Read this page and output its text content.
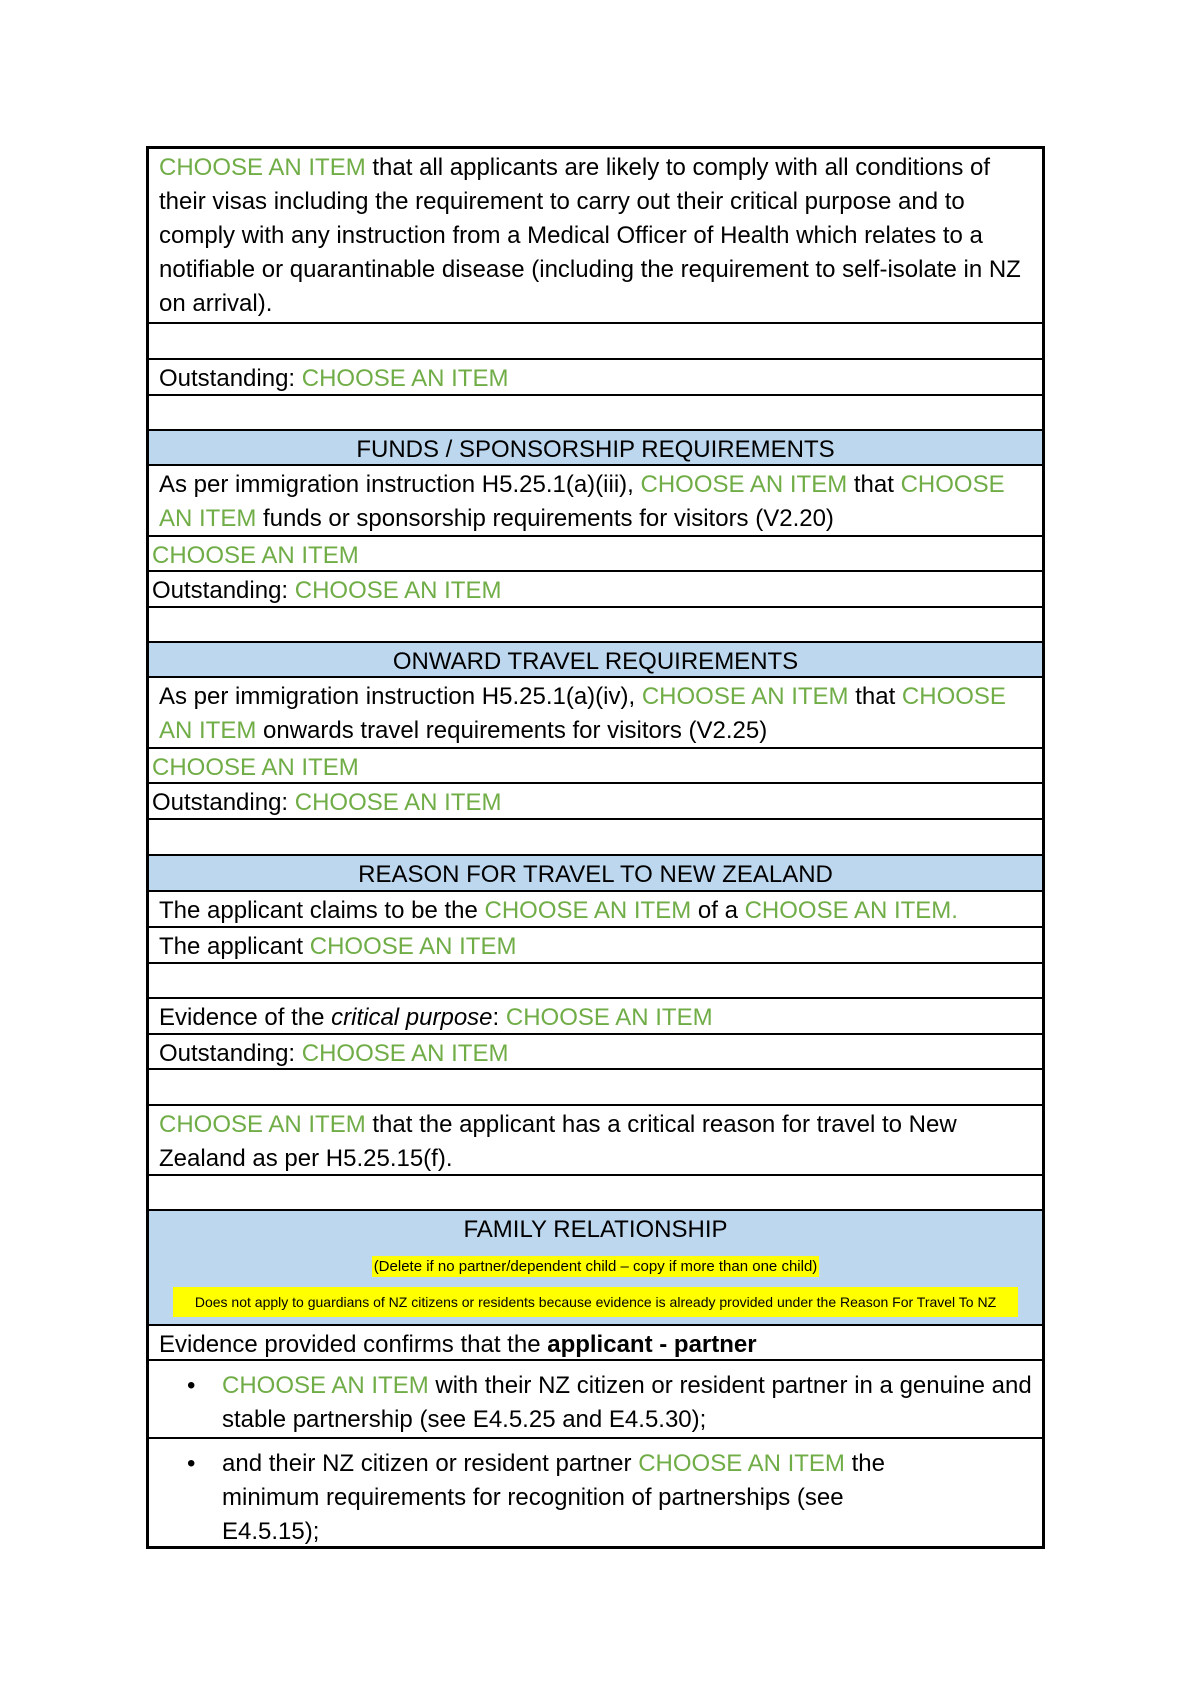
CHOOSE AN ITEM that all applicants are likely to comply with all conditions of their visas including the requirement to carry out their critical purpose and to comply with any instruction from a Medical Officer of Health which relates to a notifiable or quarantinable disease (including the requirement to self-isolate in NZ on arrival).
Outstanding: CHOOSE AN ITEM
FUNDS / SPONSORSHIP REQUIREMENTS
As per immigration instruction H5.25.1(a)(iii), CHOOSE AN ITEM that CHOOSE AN ITEM funds or sponsorship requirements for visitors (V2.20)
CHOOSE AN ITEM
Outstanding: CHOOSE AN ITEM
ONWARD TRAVEL REQUIREMENTS
As per immigration instruction H5.25.1(a)(iv), CHOOSE AN ITEM that CHOOSE AN ITEM onwards travel requirements for visitors (V2.25)
CHOOSE AN ITEM
Outstanding: CHOOSE AN ITEM
REASON FOR TRAVEL TO NEW ZEALAND
The applicant claims to be the CHOOSE AN ITEM of a CHOOSE AN ITEM.
The applicant CHOOSE AN ITEM
Evidence of the critical purpose: CHOOSE AN ITEM
Outstanding: CHOOSE AN ITEM
CHOOSE AN ITEM that the applicant has a critical reason for travel to New Zealand as per H5.25.15(f).
FAMILY RELATIONSHIP
(Delete if no partner/dependent child – copy if more than one child)
Does not apply to guardians of NZ citizens or residents because evidence is already provided under the Reason For Travel To NZ
Evidence provided confirms that the applicant - partner
•	CHOOSE AN ITEM with their NZ citizen or resident partner in a genuine and stable partnership (see E4.5.25 and E4.5.30);
•	and their NZ citizen or resident partner CHOOSE AN ITEM the minimum requirements for recognition of partnerships (see E4.5.15);
